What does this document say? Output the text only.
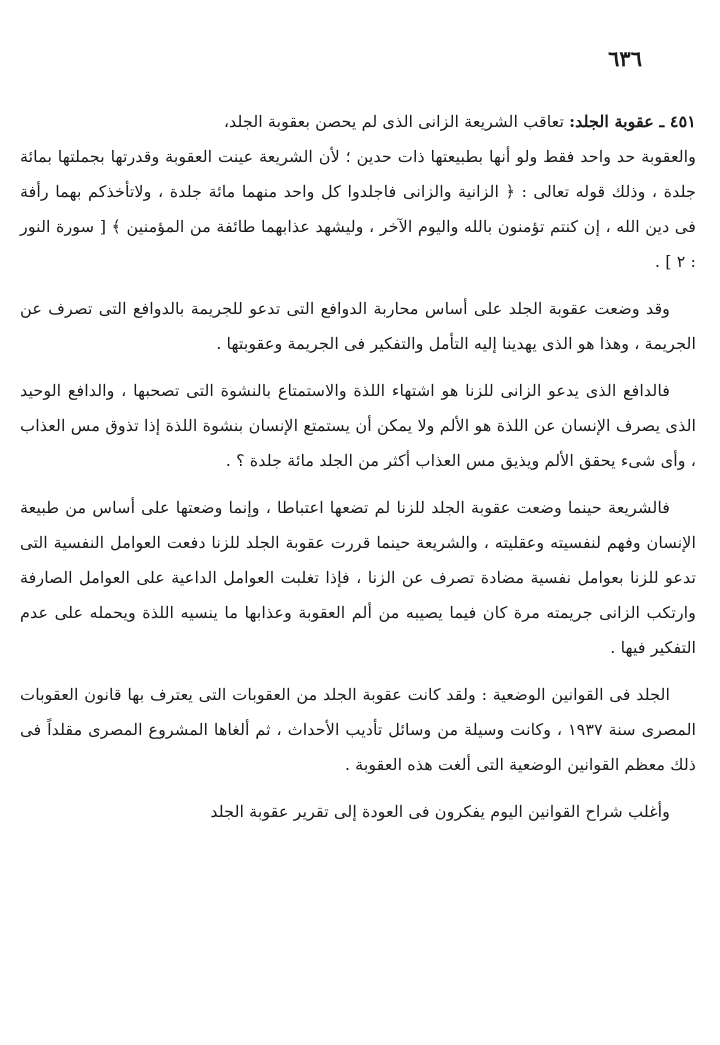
٦٣٦

٤٥١ ـ عقوبة الجلد: تعاقب الشريعة الزانى الذى لم يحصن بعقوبة الجلد،

والعقوبة حد واحد فقط ولو أنها بطبيعتها ذات حدين ؛ لأن الشريعة عينت العقوبة وقدرتها بجملتها بمائة جلدة ، وذلك قوله تعالى : ﴿ الزانية والزانى فاجلدوا كل واحد منهما مائة جلدة ، ولاتأخذكم بهما رأفة فى دين الله ، إن كنتم تؤمنون بالله واليوم الآخر ، وليشهد عذابهما طائفة من المؤمنين ﴾ [ سورة النور : ٢ ] .

وقد وضعت عقوبة الجلد على أساس محاربة الدوافع التى تدعو للجريمة بالدوافع التى تصرف عن الجريمة ، وهذا هو الذى يهدينا إليه التأمل والتفكير فى الجريمة وعقوبتها .

فالدافع الذى يدعو الزانى للزنا هو اشتهاء اللذة والاستمتاع بالنشوة التى تصحبها ، والدافع الوحيد الذى يصرف الإنسان عن اللذة هو الألم ولا يمكن أن يستمتع الإنسان بنشوة اللذة إذا تذوق مس العذاب ، وأى شىء يحقق الألم ويذيق مس العذاب أكثر من الجلد مائة جلدة ؟ .

فالشريعة حينما وضعت عقوبة الجلد للزنا لم تضعها اعتباطا ، وإنما وضعتها على أساس من طبيعة الإنسان وفهم لنفسيته وعقليته ، والشريعة حينما قررت عقوبة الجلد للزنا دفعت العوامل النفسية التى تدعو للزنا بعوامل نفسية مضادة تصرف عن الزنا ، فإذا تغلبت العوامل الداعية على العوامل الصارفة وارتكب الزانى جريمته مرة كان فيما يصيبه من ألم العقوبة وعذابها ما ينسيه اللذة ويحمله على عدم التفكير فيها .

الجلد فى القوانين الوضعية : ولقد كانت عقوبة الجلد من العقوبات التى يعترف بها قانون العقوبات المصرى سنة ١٩٣٧ ، وكانت وسيلة من وسائل تأديب الأحداث ، ثم ألغاها المشروع المصرى مقلداً فى ذلك معظم القوانين الوضعية التى ألغت هذه العقوبة .

وأغلب شراح القوانين اليوم يفكرون فى العودة إلى تقرير عقوبة الجلد
